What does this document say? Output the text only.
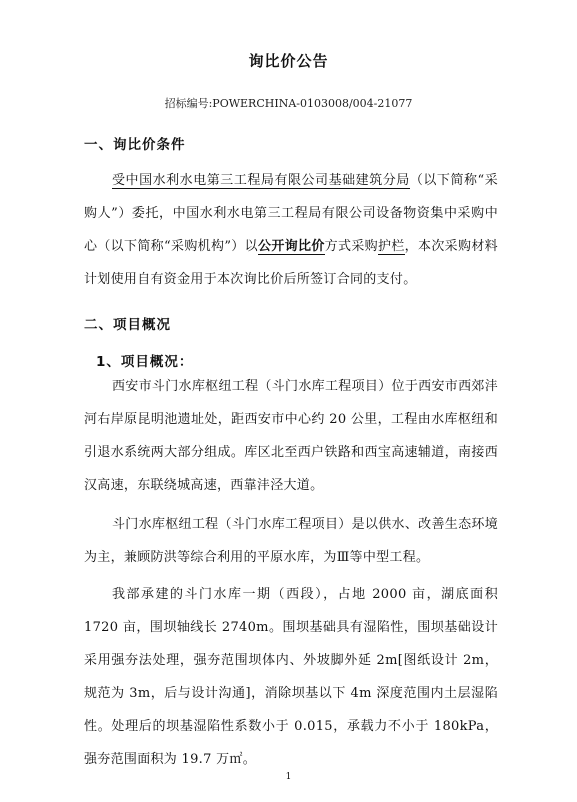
询比价公告
招标编号:POWERCHINA-0103008/004-21077
一、询比价条件
受中国水利水电第三工程局有限公司基础建筑分局（以下简称“采购人”）委托，中国水利水电第三工程局有限公司设备物资集中采购中心（以下简称“采购机构”）以公开询比价方式采购护栏，本次采购材料计划使用自有资金用于本次询比价后所签订合同的支付。
二、项目概况
1、项目概况：
西安市斗门水库枢纽工程（斗门水库工程项目）位于西安市西郊沣河右岸原昆明池遗址处，距西安市中心约 20 公里，工程由水库枢纽和引退水系统两大部分组成。库区北至西户铁路和西宝高速辅道，南接西汉高速，东联绕城高速，西靠沣泾大道。
斗门水库枢纽工程（斗门水库工程项目）是以供水、改善生态环境为主，兼顾防洪等综合利用的平原水库，为Ⅲ等中型工程。
我部承建的斗门水库一期（西段），占地 2000 亩，湖底面积 1720 亩，围坝轴线长 2740m。围坝基础具有湿陷性，围坝基础设计采用强夯法处理，强夯范围坝体内、外坡脚外延 2m[图纸设计 2m，规范为 3m，后与设计沟通]，消除坝基以下 4m 深度范围内土层湿陷性。处理后的坝基湿陷性系数小于 0.015，承载力不小于 180kPa，强夯范围面积为 19.7 万㎡。
1
